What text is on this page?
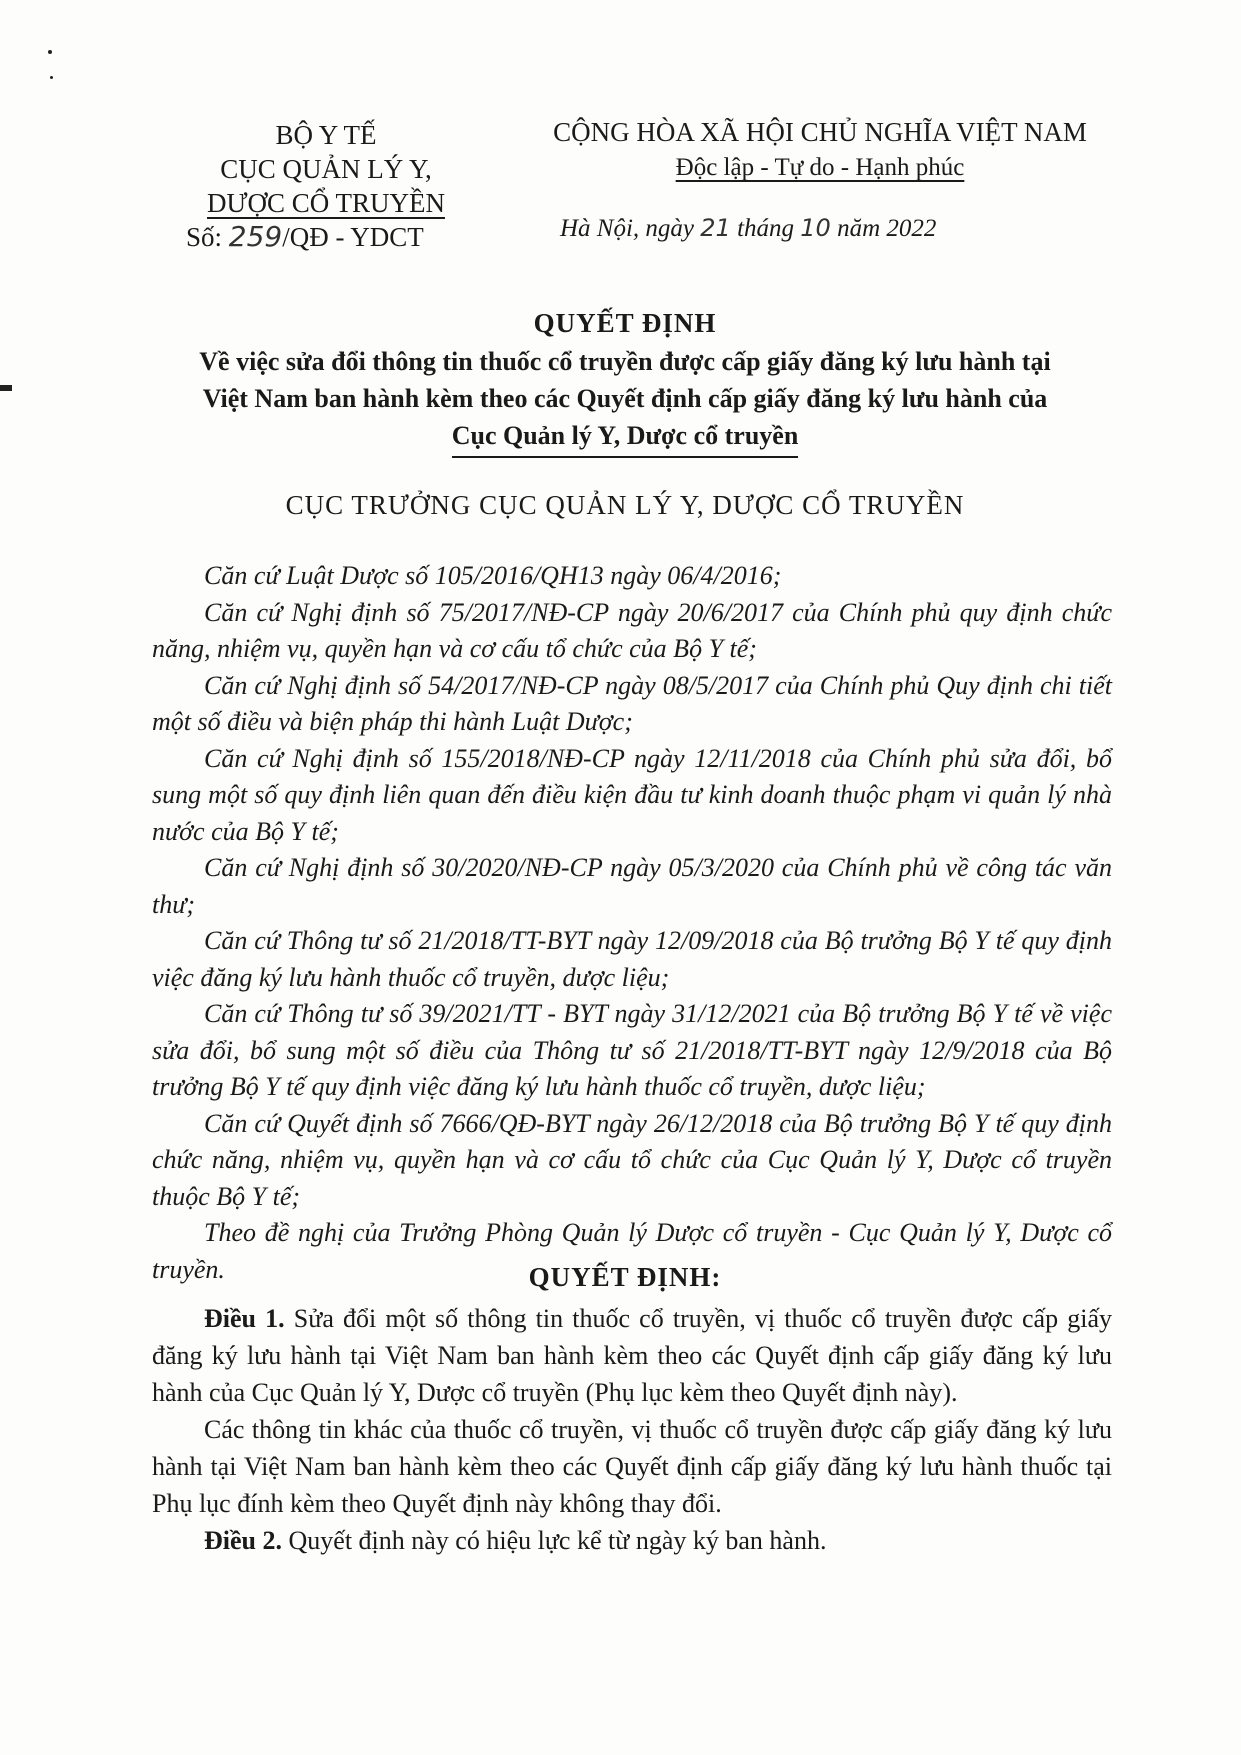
BỘ Y TẾ
CỤC QUẢN LÝ Y,
DƯỢC CỔ TRUYỀN
Số: 259/QĐ - YDCT
CỘNG HÒA XÃ HỘI CHỦ NGHĨA VIỆT NAM
Độc lập - Tự do - Hạnh phúc
Hà Nội, ngày 21 tháng 10 năm 2022
QUYẾT ĐỊNH
Về việc sửa đổi thông tin thuốc cổ truyền được cấp giấy đăng ký lưu hành tại
Việt Nam ban hành kèm theo các Quyết định cấp giấy đăng ký lưu hành của
Cục Quản lý Y, Dược cổ truyền
CỤC TRƯỞNG CỤC QUẢN LÝ Y, DƯỢC CỔ TRUYỀN

Căn cứ Luật Dược số 105/2016/QH13 ngày 06/4/2016;

Căn cứ Nghị định số 75/2017/NĐ-CP ngày 20/6/2017 của Chính phủ quy định chức năng, nhiệm vụ, quyền hạn và cơ cấu tổ chức của Bộ Y tế;

Căn cứ Nghị định số 54/2017/NĐ-CP ngày 08/5/2017 của Chính phủ Quy định chi tiết một số điều và biện pháp thi hành Luật Dược;

Căn cứ Nghị định số 155/2018/NĐ-CP ngày 12/11/2018 của Chính phủ sửa đổi, bổ sung một số quy định liên quan đến điều kiện đầu tư kinh doanh thuộc phạm vi quản lý nhà nước của Bộ Y tế;

Căn cứ Nghị định số 30/2020/NĐ-CP ngày 05/3/2020 của Chính phủ về công tác văn thư;

Căn cứ Thông tư số 21/2018/TT-BYT ngày 12/09/2018 của Bộ trưởng Bộ Y tế quy định việc đăng ký lưu hành thuốc cổ truyền, dược liệu;

Căn cứ Thông tư số 39/2021/TT - BYT ngày 31/12/2021 của Bộ trưởng Bộ Y tế về việc sửa đổi, bổ sung một số điều của Thông tư số 21/2018/TT-BYT ngày 12/9/2018 của Bộ trưởng Bộ Y tế quy định việc đăng ký lưu hành thuốc cổ truyền, dược liệu;

Căn cứ Quyết định số 7666/QĐ-BYT ngày 26/12/2018 của Bộ trưởng Bộ Y tế quy định chức năng, nhiệm vụ, quyền hạn và cơ cấu tổ chức của Cục Quản lý Y, Dược cổ truyền thuộc Bộ Y tế;

Theo đề nghị của Trưởng Phòng Quản lý Dược cổ truyền - Cục Quản lý Y, Dược cổ truyền.	QUYẾT ĐỊNH:

Điều 1. Sửa đổi một số thông tin thuốc cổ truyền, vị thuốc cổ truyền được cấp giấy đăng ký lưu hành tại Việt Nam ban hành kèm theo các Quyết định cấp giấy đăng ký lưu hành của Cục Quản lý Y, Dược cổ truyền (Phụ lục kèm theo Quyết định này).

Các thông tin khác của thuốc cổ truyền, vị thuốc cổ truyền được cấp giấy đăng ký lưu hành tại Việt Nam ban hành kèm theo các Quyết định cấp giấy đăng ký lưu hành thuốc tại Phụ lục đính kèm theo Quyết định này không thay đổi.

Điều 2. Quyết định này có hiệu lực kể từ ngày ký ban hành.
